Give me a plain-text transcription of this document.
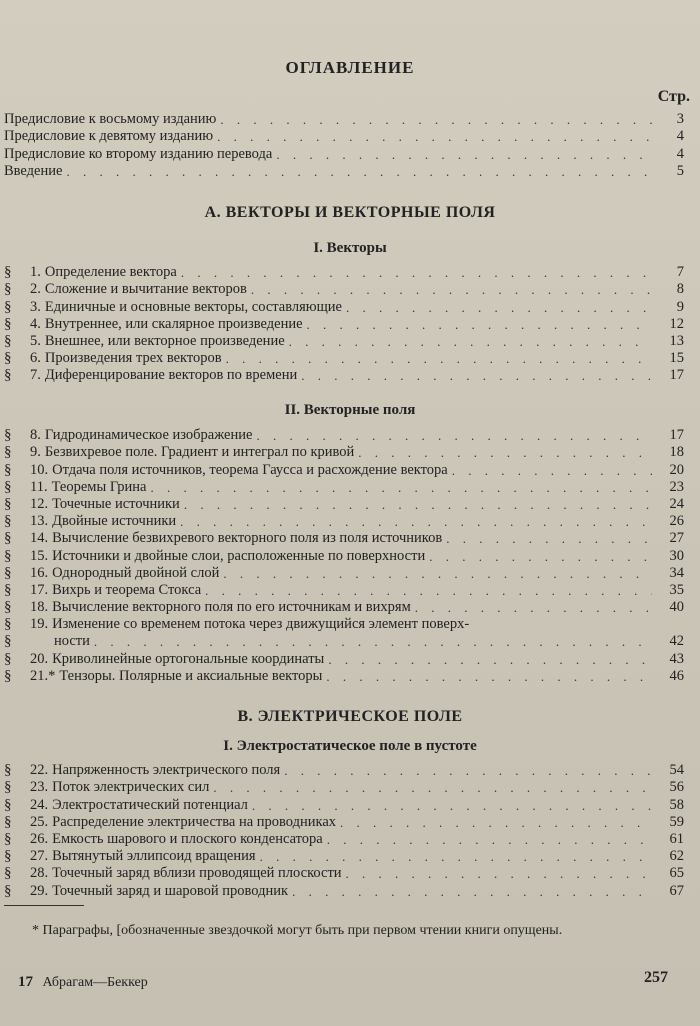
ОГЛАВЛЕНИЕ
Стр.
Предисловие к восьмому изданию . . .	3
Предисловие к девятому изданию . . .	4
Предисловие ко второму изданию перевода . . .	4
Введение . . .	5
А. ВЕКТОРЫ И ВЕКТОРНЫЕ ПОЛЯ
I. Векторы
§	1. Определение вектора . . .	7
§	2. Сложение и вычитание векторов . . .	8
§	3. Единичные и основные векторы, составляющие . . .	9
§	4. Внутреннее, или скалярное произведение . . .	12
§	5. Внешнее, или векторное произведение . . .	13
§	6. Произведения трех векторов . . .	15
§	7. Диференцирование векторов по времени . . .	17
II. Векторные поля
§	8. Гидродинамическое изображение . . .	17
§	9. Безвихревое поле. Градиент и интеграл по кривой . . .	18
§	10. Отдача поля источников, теорема Гаусса и расхождение вектора . . .	20
§	11. Теоремы Грина . . .	23
§	12. Точечные источники . . .	24
§	13. Двойные источники . . .	26
§	14. Вычисление безвихревого векторного поля из поля источников . . .	27
§	15. Источники и двойные слои, расположенные по поверхности . . .	30
§	16. Однородный двойной слой . . .	34
§	17. Вихрь и теорема Стокса . . .	35
§	18. Вычисление векторного поля по его источникам и вихрям . . .	40
§	19. Изменение со временем потока через движущийся элемент поверх-
§	ности . . .	42
§	20. Криволинейные ортогональные координаты . . .	43
§	21.* Тензоры. Полярные и аксиальные векторы . . .	46
В. ЭЛЕКТРИЧЕСКОЕ ПОЛЕ
I. Электростатическое поле в пустоте
§	22. Напряженность электрического поля . . .	54
§	23. Поток электрических сил . . .	56
§	24. Электростатический потенциал . . .	58
§	25. Распределение электричества на проводниках . . .	59
§	26. Емкость шарового и плоского конденсатора . . .	61
§	27. Вытянутый эллипсоид вращения . . .	62
§	28. Точечный заряд вблизи проводящей плоскости . . .	65
§	29. Точечный заряд и шаровой проводник . . .	67
* Параграфы, [обозначенные звездочкой могут быть при первом чтении книги опущены.
17 Абрагам—Беккер	257
